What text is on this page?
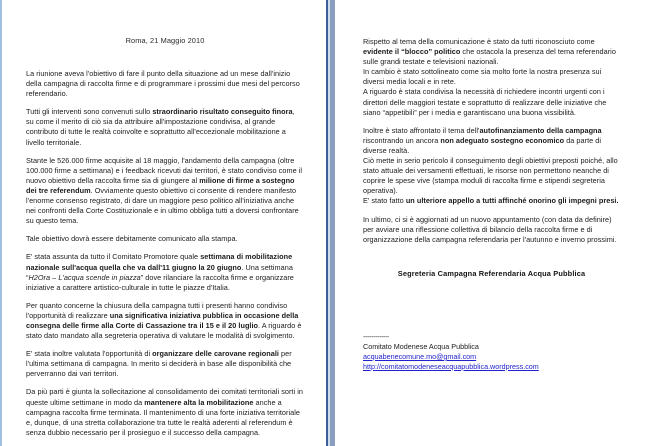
Roma, 21 Maggio 2010

La riunione aveva l'obiettivo di fare il punto della situazione ad un mese dall'inizio della campagna di raccolta firme e di programmare i prossimi due mesi del percorso referendario.

Tutti gli interventi sono convenuti sullo straordinario risultato conseguito finora, su come il merito di ciò sia da attribuire all'impostazione condivisa, al grande contributo di tutte le realtà coinvolte e soprattutto all'eccezionale mobilitazione a livello territoriale.

Stante le 526.000 firme acquisite al 18 maggio, l'andamento della campagna (oltre 100.000 firme a settimana) e i feedback ricevuti dai territori, è stato condiviso come il nuovo obiettivo della raccolta firme sia di giungere al milione di firme a sostegno dei tre referendum. Ovviamente questo obiettivo ci consente di rendere manifesto l'enorme consenso registrato, di dare un maggiore peso politico all'iniziativa anche nei confronti della Corte Costituzionale e in ultimo obbliga tutti a doversi confrontare su questo tema.

Tale obiettivo dovrà essere debitamente comunicato alla stampa.

E' stata assunta da tutto il Comitato Promotore quale settimana di mobilitazione nazionale sull'acqua quella che va dall'11 giugno la 20 giugno. Una settimana “H2Ora – L'acqua scende in piazza” dove rilanciare la raccolta firme e organizzare iniziative a carattere artistico-culturale in tutte le piazze d'Italia.

Per quanto concerne la chiusura della campagna tutti i presenti hanno condiviso l'opportunità di realizzare una significativa iniziativa pubblica in occasione della consegna delle firme alla Corte di Cassazione tra il 15 e il 20 luglio. A riguardo è stato dato mandato alla segreteria operativa di valutare le modalità di svolgimento.

E' stata inoltre valutata l'opportunità di organizzare delle carovane regionali per l'ultima settimana di campagna. In merito si deciderà in base alle disponibilità che perverranno dai vari territori.

Da più parti è giunta la sollecitazione al consolidamento dei comitati territoriali sorti in queste ultime settimane in modo da mantenere alta la mobilitazione anche a campagna raccolta firme terminata. Il mantenimento di una forte iniziativa territoriale e, dunque, di una stretta collaborazione tra tutte le realtà aderenti al referendum è senza dubbio necessario per il prosieguo e il successo della campagna.

Rispetto al tema della comunicazione è stato da tutti riconosciuto come evidente il “blocco” politico che ostacola la presenza del tema referendario sulle grandi testate e televisioni nazionali.
In cambio è stato sottolineato come sia molto forte la nostra presenza sui diversi media locali e in rete.
A riguardo è stata condivisa la necessità di richiedere incontri urgenti con i direttori delle maggiori testate e soprattutto di realizzare delle iniziative che siano “appetibili” per i media e garantiscano una buona vissibilità.

Inoltre è stato affrontato il tema dell'autofinanziamento della campagna riscontrando un ancora non adeguato sostegno economico da parte di diverse realtà.
Ciò mette in serio pericolo il conseguimento degli obiettivi preposti poiché, allo stato attuale dei versamenti effettuati, le risorse non permettono neanche di coprire le spese vive (stampa moduli di raccolta firme e stipendi segreteria operativa).
E' stato fatto un ulteriore appello a tutti affinché onorino gli impegni presi.

In ultimo, ci si è aggiornati ad un nuovo appuntamento (con data da definire) per avviare una riflessione collettiva di bilancio della raccolta firme e di organizzazione della campagna referendaria per l'autunno e inverno prossimi.

Segreteria Campagna Referendaria Acqua Pubblica
-------------
Comitato Modenese Acqua Pubblica
acquabenecomune.mo@gmail.com
http://comitatomodeneseacquapubblica.wordpress.com
